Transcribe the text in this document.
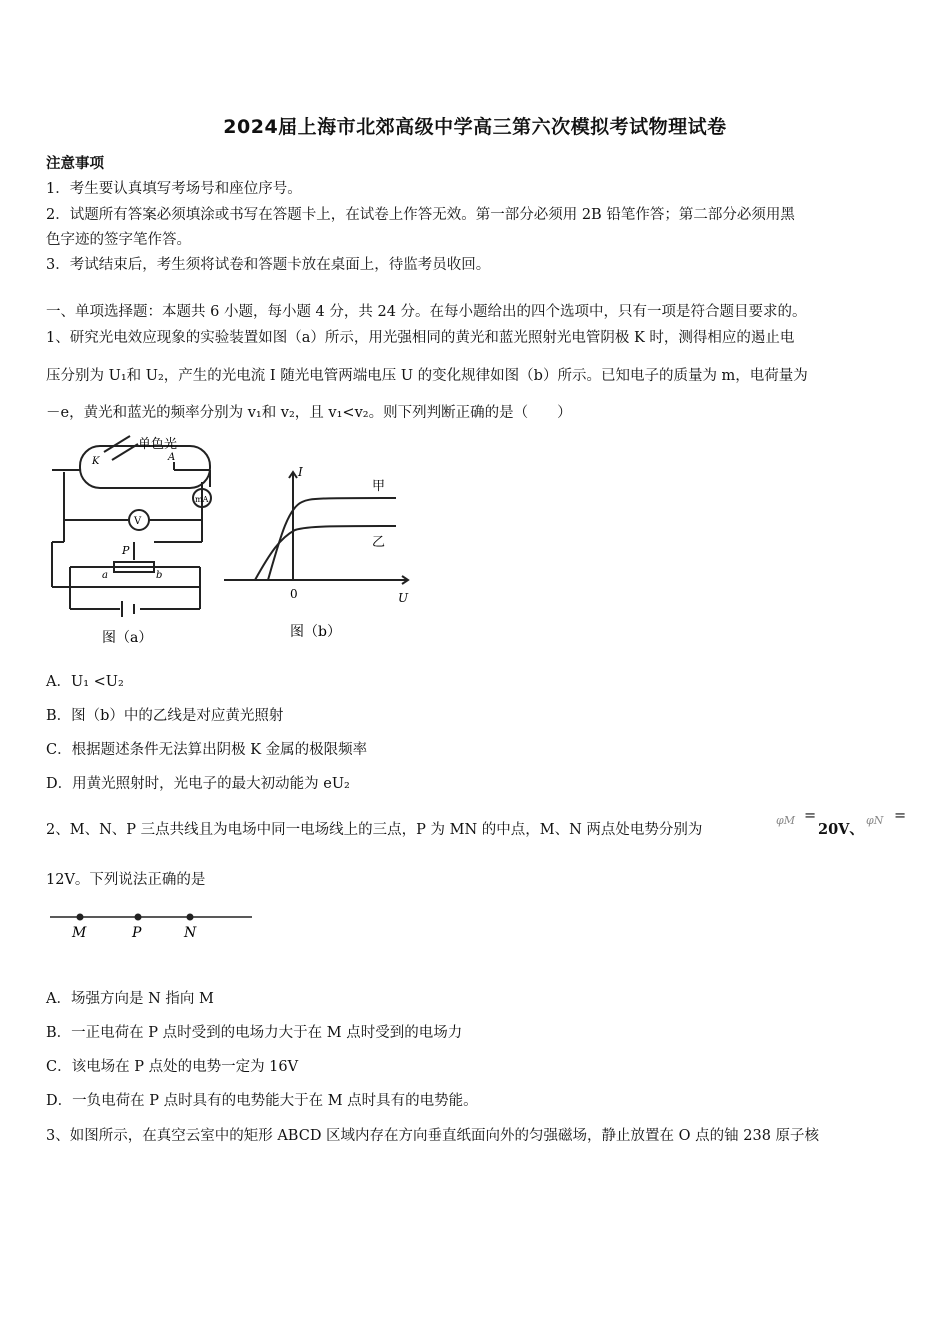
2024届上海市北郊高级中学高三第六次模拟考试物理试卷
注意事项
1．考生要认真填写考场号和座位序号。
2．试题所有答案必须填涂或书写在答题卡上，在试卷上作答无效。第一部分必须用 2B 铅笔作答；第二部分必须用黑
色字迹的签字笔作答。
3．考试结束后，考生须将试卷和答题卡放在桌面上，待监考员收回。
一、单项选择题：本题共 6 小题，每小题 4 分，共 24 分。在每小题给出的四个选项中，只有一项是符合题目要求的。
1、研究光电效应现象的实验装置如图（a）所示，用光强相同的黄光和蓝光照射光电管阴极 K 时，测得相应的遏止电
压分别为 U₁和 U₂，产生的光电流 I 随光电管两端电压 U 的变化规律如图（b）所示。已知电子的质量为 m，电荷量为
－e，黄光和蓝光的频率分别为 v₁和 v₂，且 v₁<v₂。则下列判断正确的是（　　）
单色光
K	A
V
mA
P
a	b
图（a）
I
U
0
甲
乙
图（b）
A．U₁ <U₂
B．图（b）中的乙线是对应黄光照射
C．根据题述条件无法算出阴极 K 金属的极限频率
D．用黄光照射时，光电子的最大初动能为 eU₂
2、M、N、P 三点共线且为电场中同一电场线上的三点，P 为 MN 的中点，M、N 两点处电势分别为
φM =
20V、
φN =
12V。下列说法正确的是
M	P	N
A．场强方向是 N 指向 M
B．一正电荷在 P 点时受到的电场力大于在 M 点时受到的电场力
C．该电场在 P 点处的电势一定为 16V
D．一负电荷在 P 点时具有的电势能大于在 M 点时具有的电势能。
3、如图所示，在真空云室中的矩形 ABCD 区域内存在方向垂直纸面向外的匀强磁场，静止放置在 O 点的铀 238 原子核
